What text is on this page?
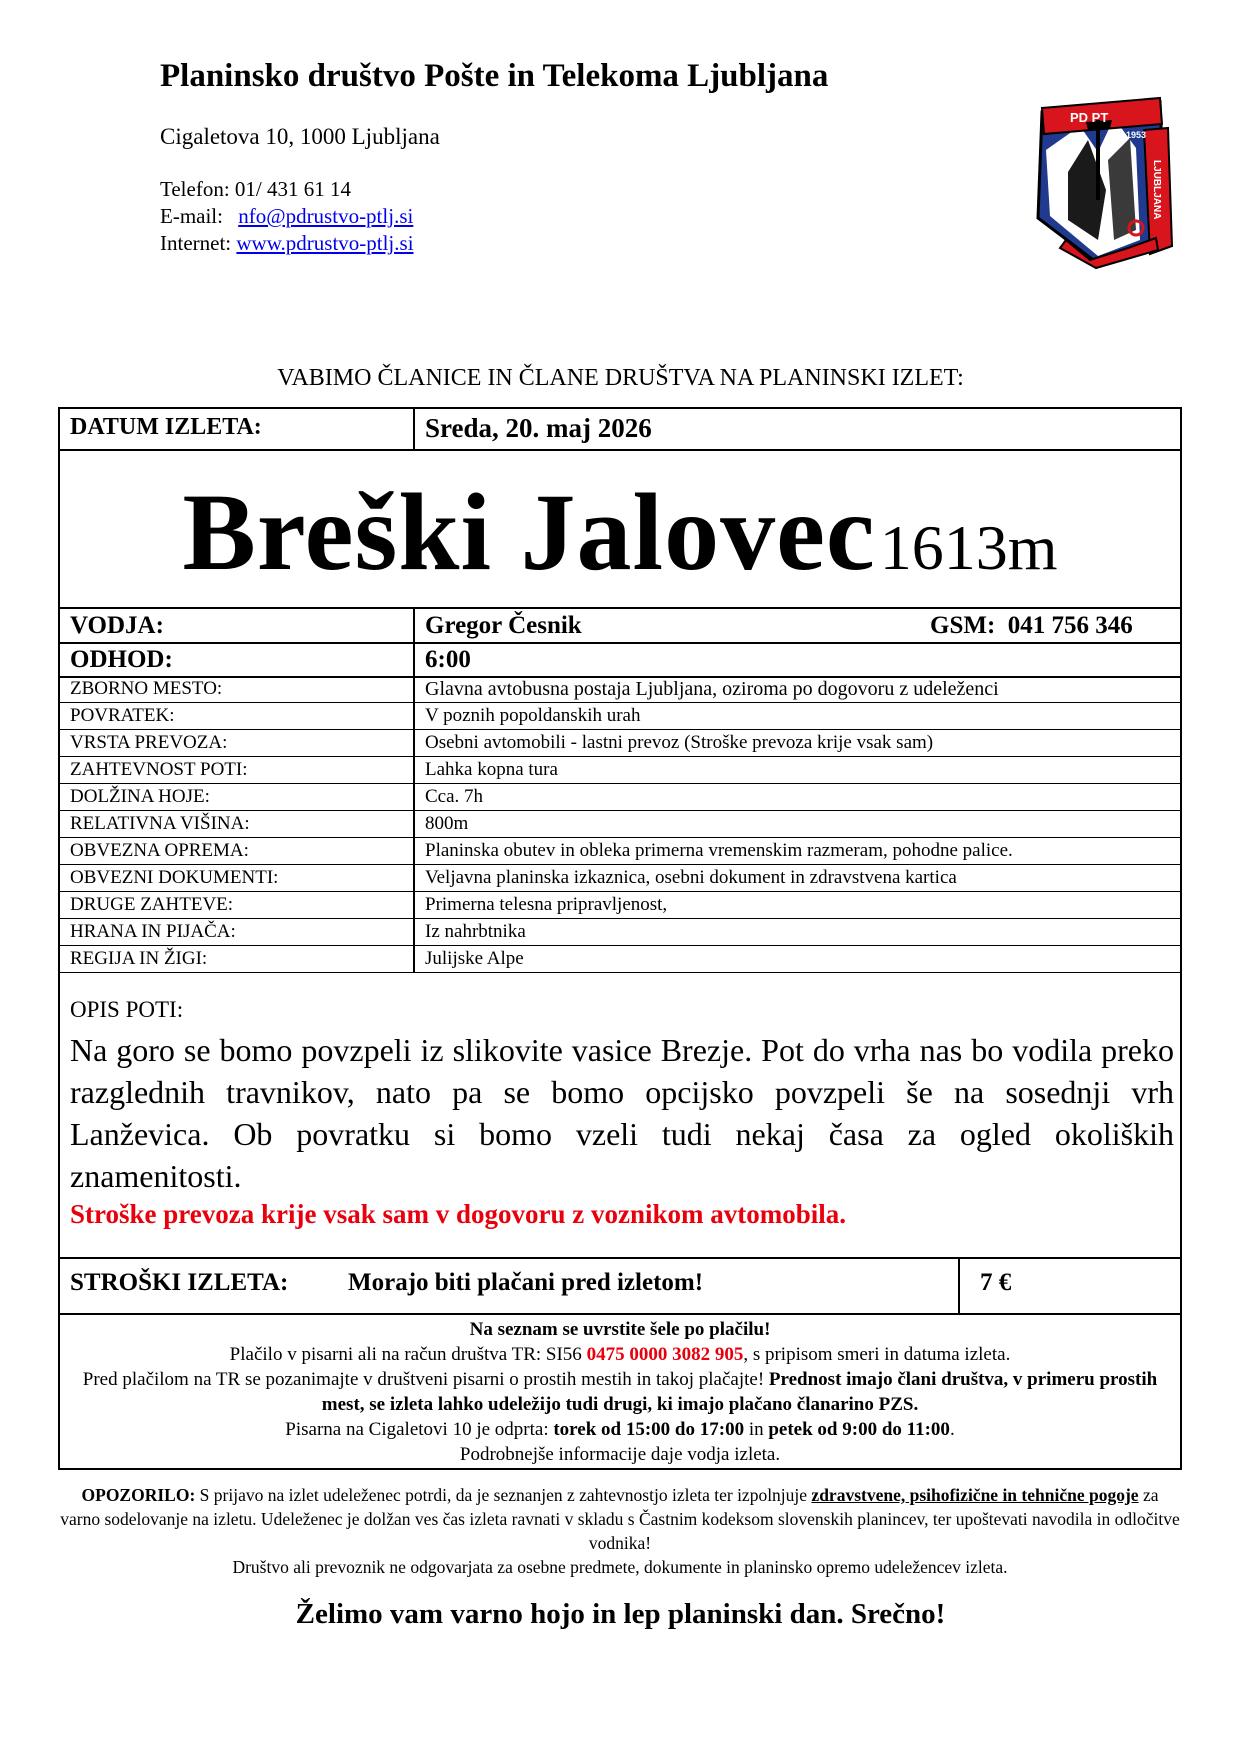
Planinsko društvo Pošte in Telekoma Ljubljana
Cigaletova 10, 1000 Ljubljana
Telefon: 01/ 431 61 14
E-mail: nfo@pdrustvo-ptlj.si
Internet: www.pdrustvo-ptlj.si
PD PT
1953
LJUBLJANA
VABIMO ČLANICE IN ČLANE DRUŠTVA NA PLANINSKI IZLET:
DATUM IZLETA:	Sreda, 20. maj 2026
Breški Jalovec 1613m
VODJA:	Gregor Česnik	GSM: 041 756 346
ODHOD:	6:00
ZBORNO MESTO:	Glavna avtobusna postaja Ljubljana, oziroma po dogovoru z udeleženci
POVRATEK:	V poznih popoldanskih urah
VRSTA PREVOZA:	Osebni avtomobili - lastni prevoz (Stroške prevoza krije vsak sam)
ZAHTEVNOST POTI:	Lahka kopna tura
DOLŽINA HOJE:	Cca. 7h
RELATIVNA VIŠINA:	800m
OBVEZNA OPREMA:	Planinska obutev in obleka primerna vremenskim razmeram, pohodne palice.
OBVEZNI DOKUMENTI:	Veljavna planinska izkaznica, osebni dokument in zdravstvena kartica
DRUGE ZAHTEVE:	Primerna telesna pripravljenost,
HRANA IN PIJAČA:	Iz nahrbtnika
REGIJA IN ŽIGI:	Julijske Alpe
OPIS POTI:
Na goro se bomo povzpeli iz slikovite vasice Brezje. Pot do vrha nas bo vodila preko razglednih travnikov, nato pa se bomo opcijsko povzpeli še na sosednji vrh Lanževica. Ob povratku si bomo vzeli tudi nekaj časa za ogled okoliških znamenitosti.
Stroške prevoza krije vsak sam v dogovoru z voznikom avtomobila.
STROŠKI IZLETA: Morajo biti plačani pred izletom!	7 €
Na seznam se uvrstite šele po plačilu!
Plačilo v pisarni ali na račun društva TR: SI56 0475 0000 3082 905, s pripisom smeri in datuma izleta.
Pred plačilom na TR se pozanimajte v društveni pisarni o prostih mestih in takoj plačajte! Prednost imajo člani društva, v primeru prostih mest, se izleta lahko udeležijo tudi drugi, ki imajo plačano članarino PZS.
Pisarna na Cigaletovi 10 je odprta: torek od 15:00 do 17:00 in petek od 9:00 do 11:00.
Podrobnejše informacije daje vodja izleta.
OPOZORILO: S prijavo na izlet udeleženec potrdi, da je seznanjen z zahtevnostjo izleta ter izpolnjuje zdravstvene, psihofizične in tehnične pogoje za varno sodelovanje na izletu. Udeleženec je dolžan ves čas izleta ravnati v skladu s Častnim kodeksom slovenskih planincev, ter upoštevati navodila in odločitve vodnika!
Društvo ali prevoznik ne odgovarjata za osebne predmete, dokumente in planinsko opremo udeležencev izleta.
Želimo vam varno hojo in lep planinski dan. Srečno!
